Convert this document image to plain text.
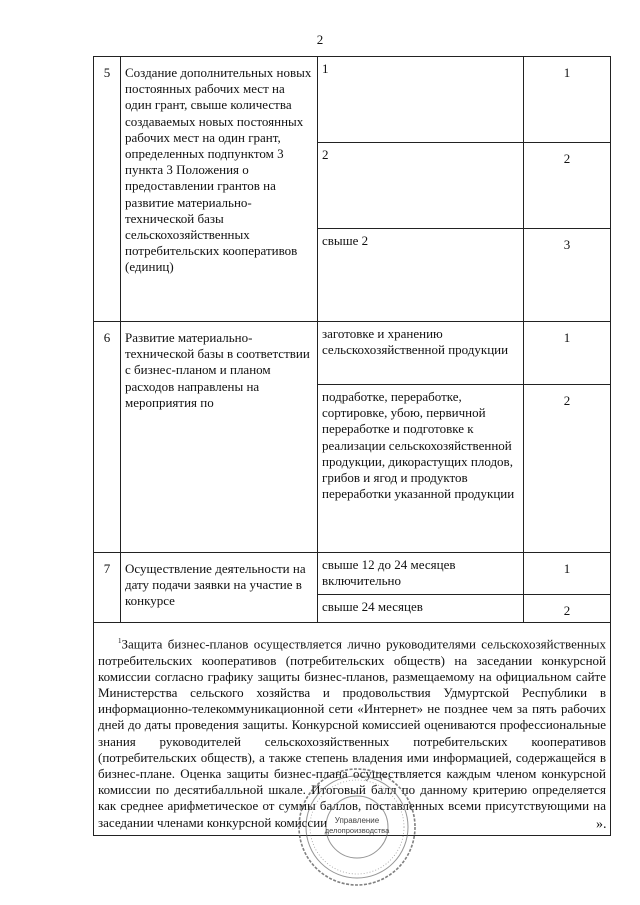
2
5	Создание дополнительных новых постоянных рабочих мест на один грант, свыше количества создаваемых новых постоянных рабочих мест на один грант, определенных подпунктом 3 пункта 3 Положения о предоставлении грантов на развитие материально-технической базы сельскохозяйственных потребительских кооперативов (единиц)	1	1

		2	2

		свыше 2	3

6	Развитие материально-технической базы в соответствии с бизнес-планом и планом расходов направлены на мероприятия по	заготовке и хранению сельскохозяйственной продукции	1

		подработке, переработке, сортировке, убою, первичной переработке и подготовке к реализации сельскохозяйственной продукции, дикорастущих плодов, грибов и ягод и продуктов переработки указанной продукции	2

7	Осуществление деятельности на дату подачи заявки на участие в конкурсе	свыше 12 до 24 месяцев включительно	1

		свыше 24 месяцев	2

$^1$Защита бизнес-планов осуществляется лично руководителями сельскохозяйственных потребительских кооперативов (потребительских обществ) на заседании конкурсной комиссии согласно графику защиты бизнес-планов, размещаемому на официальном сайте Министерства сельского хозяйства и продовольствия Удмуртской Республики в информационно-телекоммуникационной сети «Интернет» не позднее чем за пять рабочих дней до даты проведения защиты. Конкурсной комиссией оцениваются профессиональные знания руководителей сельскохозяйственных потребительских кооперативов (потребительских обществ), а также степень владения ими информацией, содержащейся в бизнес-плане. Оценка защиты бизнес-плана осуществляется каждым членом конкурсной комиссии по десятибалльной шкале. Итоговый балл по данному критерию определяется как среднее арифметическое от суммы баллов, поставленных всеми присутствующими на заседании членами конкурсной комиссии				».
Управление
делопроизводства
